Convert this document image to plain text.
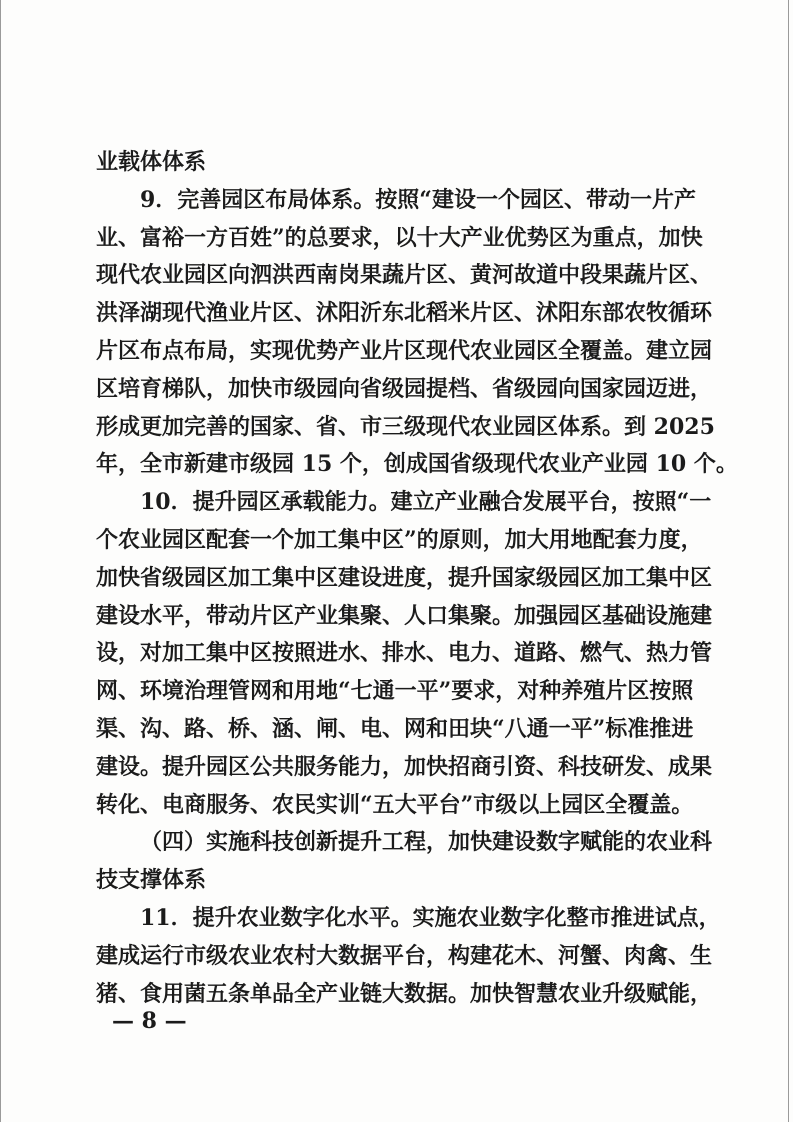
业载体体系
9．完善园区布局体系。按照“建设一个园区、带动一片产
业、富裕一方百姓”的总要求，以十大产业优势区为重点，加快
现代农业园区向泗洪西南岗果蔬片区、黄河故道中段果蔬片区、
洪泽湖现代渔业片区、沭阳沂东北稻米片区、沭阳东部农牧循环
片区布点布局，实现优势产业片区现代农业园区全覆盖。建立园
区培育梯队，加快市级园向省级园提档、省级园向国家园迈进，
形成更加完善的国家、省、市三级现代农业园区体系。到 2025
年，全市新建市级园 15 个，创成国省级现代农业产业园 10 个。
10．提升园区承载能力。建立产业融合发展平台，按照“一
个农业园区配套一个加工集中区”的原则，加大用地配套力度，
加快省级园区加工集中区建设进度，提升国家级园区加工集中区
建设水平，带动片区产业集聚、人口集聚。加强园区基础设施建
设，对加工集中区按照进水、排水、电力、道路、燃气、热力管
网、环境治理管网和用地“七通一平”要求，对种养殖片区按照
渠、沟、路、桥、涵、闸、电、网和田块“八通一平”标准推进
建设。提升园区公共服务能力，加快招商引资、科技研发、成果
转化、电商服务、农民实训“五大平台”市级以上园区全覆盖。
（四）实施科技创新提升工程，加快建设数字赋能的农业科
技支撑体系
11．提升农业数字化水平。实施农业数字化整市推进试点，
建成运行市级农业农村大数据平台，构建花木、河蟹、肉禽、生
猪、食用菌五条单品全产业链大数据。加快智慧农业升级赋能，
— 8 —
